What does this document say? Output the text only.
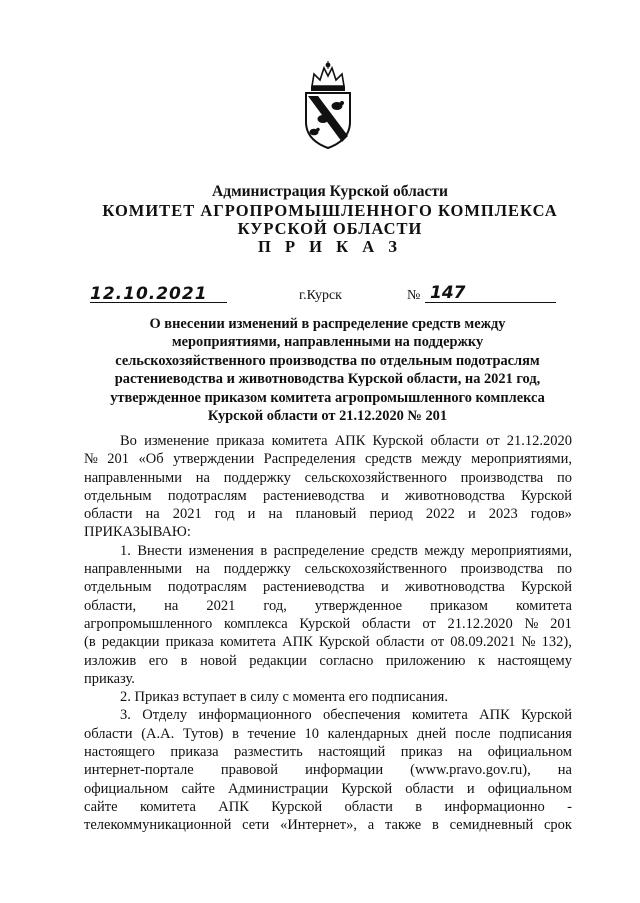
Администрация Курской области
КОМИТЕТ АГРОПРОМЫШЛЕННОГО КОМПЛЕКСА
КУРСКОЙ ОБЛАСТИ
П Р И К А З
12.10.2021	г.Курск	№ 147
О внесении изменений в распределение средств между
мероприятиями, направленными на поддержку
сельскохозяйственного производства по отдельным подотраслям
растениеводства и животноводства Курской области, на 2021 год,
утвержденное приказом комитета агропромышленного комплекса
Курской области от 21.12.2020 № 201
Во изменение приказа комитета АПК Курской области от 21.12.2020
№ 201 «Об утверждении Распределения средств между мероприятиями,
направленными на поддержку сельскохозяйственного производства по
отдельным подотраслям растениеводства и животноводства Курской
области на 2021 год и на плановый период 2022 и 2023 годов»
ПРИКАЗЫВАЮ:
1. Внести изменения в распределение средств между мероприятиями,
направленными на поддержку сельскохозяйственного производства по
отдельным подотраслям растениеводства и животноводства Курской
области, на 2021 год, утвержденное приказом комитета
агропромышленного комплекса Курской области от 21.12.2020 № 201
(в редакции приказа комитета АПК Курской области от 08.09.2021 № 132),
изложив его в новой редакции согласно приложению к настоящему
приказу.
2. Приказ вступает в силу с момента его подписания.
3. Отделу информационного обеспечения комитета АПК Курской
области (А.А. Тутов) в течение 10 календарных дней после подписания
настоящего приказа разместить настоящий приказ на официальном
интернет-портале правовой информации (www.pravo.gov.ru), на
официальном сайте Администрации Курской области и официальном
сайте комитета АПК Курской области в информационно -
телекоммуникационной сети «Интернет», а также в семидневный срок
